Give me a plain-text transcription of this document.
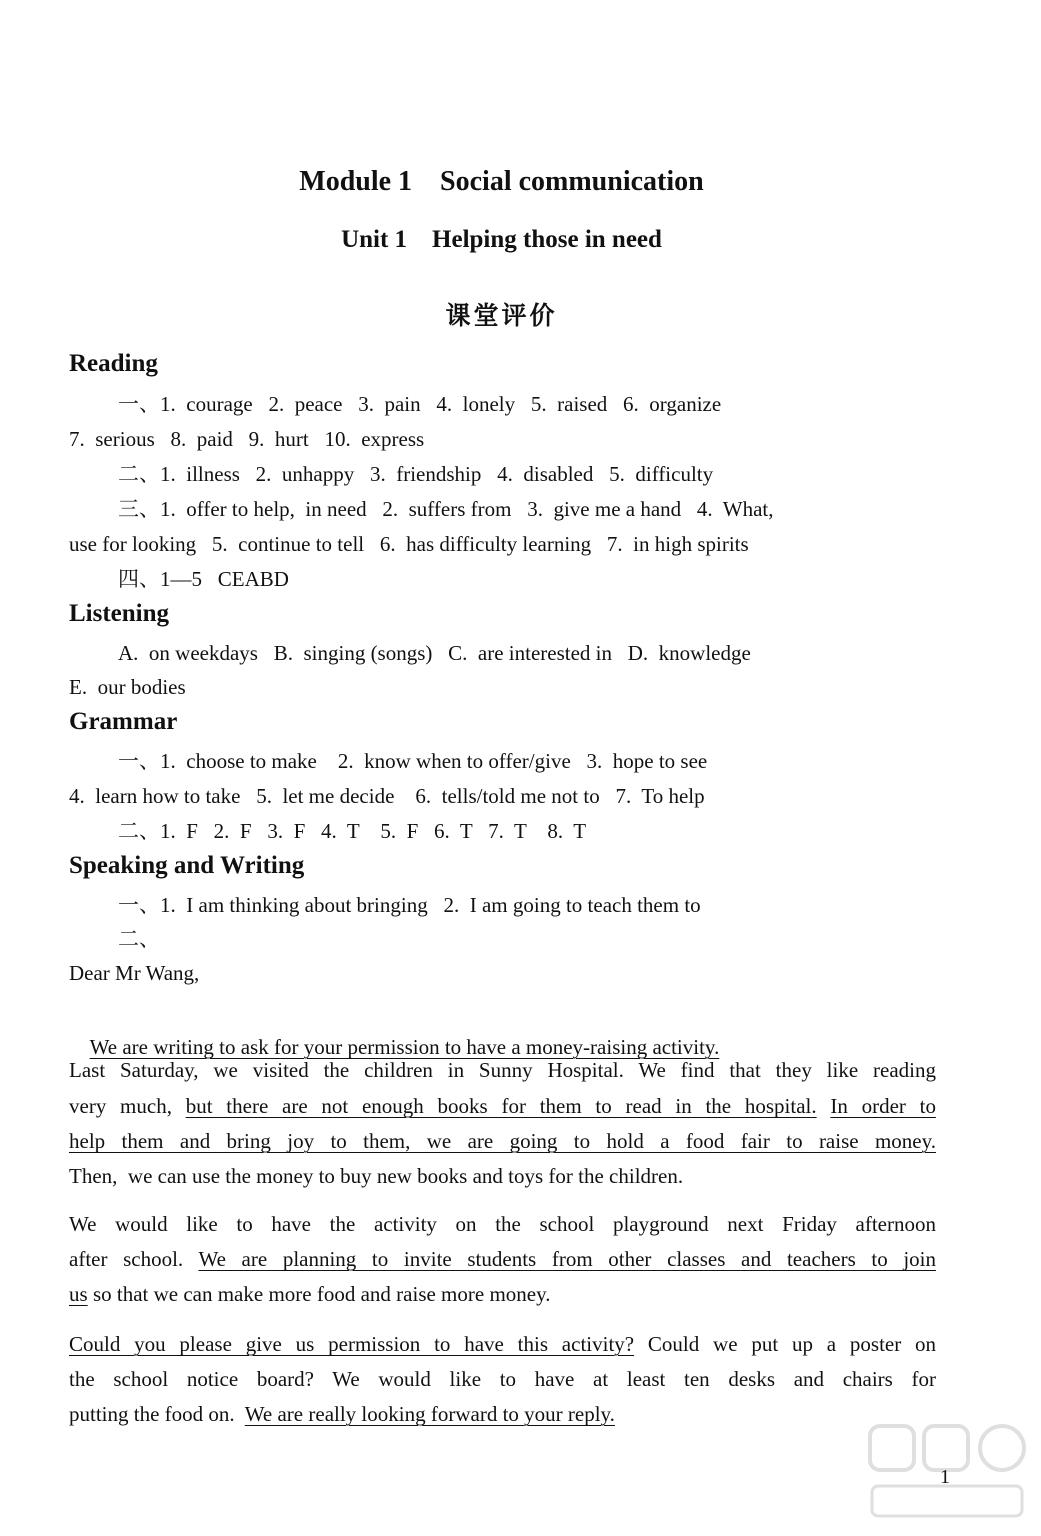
Module 1    Social communication
Unit 1    Helping those in need
课堂评价
Reading
一、1.  courage   2.  peace   3.  pain   4.  lonely   5.  raised   6.  organize
7.  serious   8.  paid   9.  hurt   10.  express
二、1.  illness   2.  unhappy   3.  friendship   4.  disabled   5.  difficulty
三、1.  offer to help,  in need   2.  suffers from   3.  give me a hand   4.  What,
use for looking   5.  continue to tell   6.  has difficulty learning   7.  in high spirits
四、1—5   CEABD
Listening
A.  on weekdays   B.  singing (songs)   C.  are interested in   D.  knowledge
E.  our bodies
Grammar
一、1.  choose to make    2.  know when to offer/give   3.  hope to see
4.  learn how to take   5.  let me decide    6.  tells/told me not to   7.  To help
二、1.  F   2.  F   3.  F   4.  T    5.  F   6.  T   7.  T    8.  T
Speaking and Writing
一、1.  I am thinking about bringing   2.  I am going to teach them to
二、
Dear Mr Wang,

We are writing to ask for your permission to have a money-raising activity.

Last Saturday, we visited the children in Sunny Hospital. We find that they like reading
very much, but there are not enough books for them to read in the hospital. In order to
help them and bring joy to them, we are going to hold a food fair to raise money.
Then,  we can use the money to buy new books and toys for the children.
We would like to have the activity on the school playground next Friday afternoon
after school. We are planning to invite students from other classes and teachers to join
us so that we can make more food and raise more money.
Could you please give us permission to have this activity? Could we put up a poster on
the school notice board? We would like to have at least ten desks and chairs for
putting the food on. We are really looking forward to your reply.
1
